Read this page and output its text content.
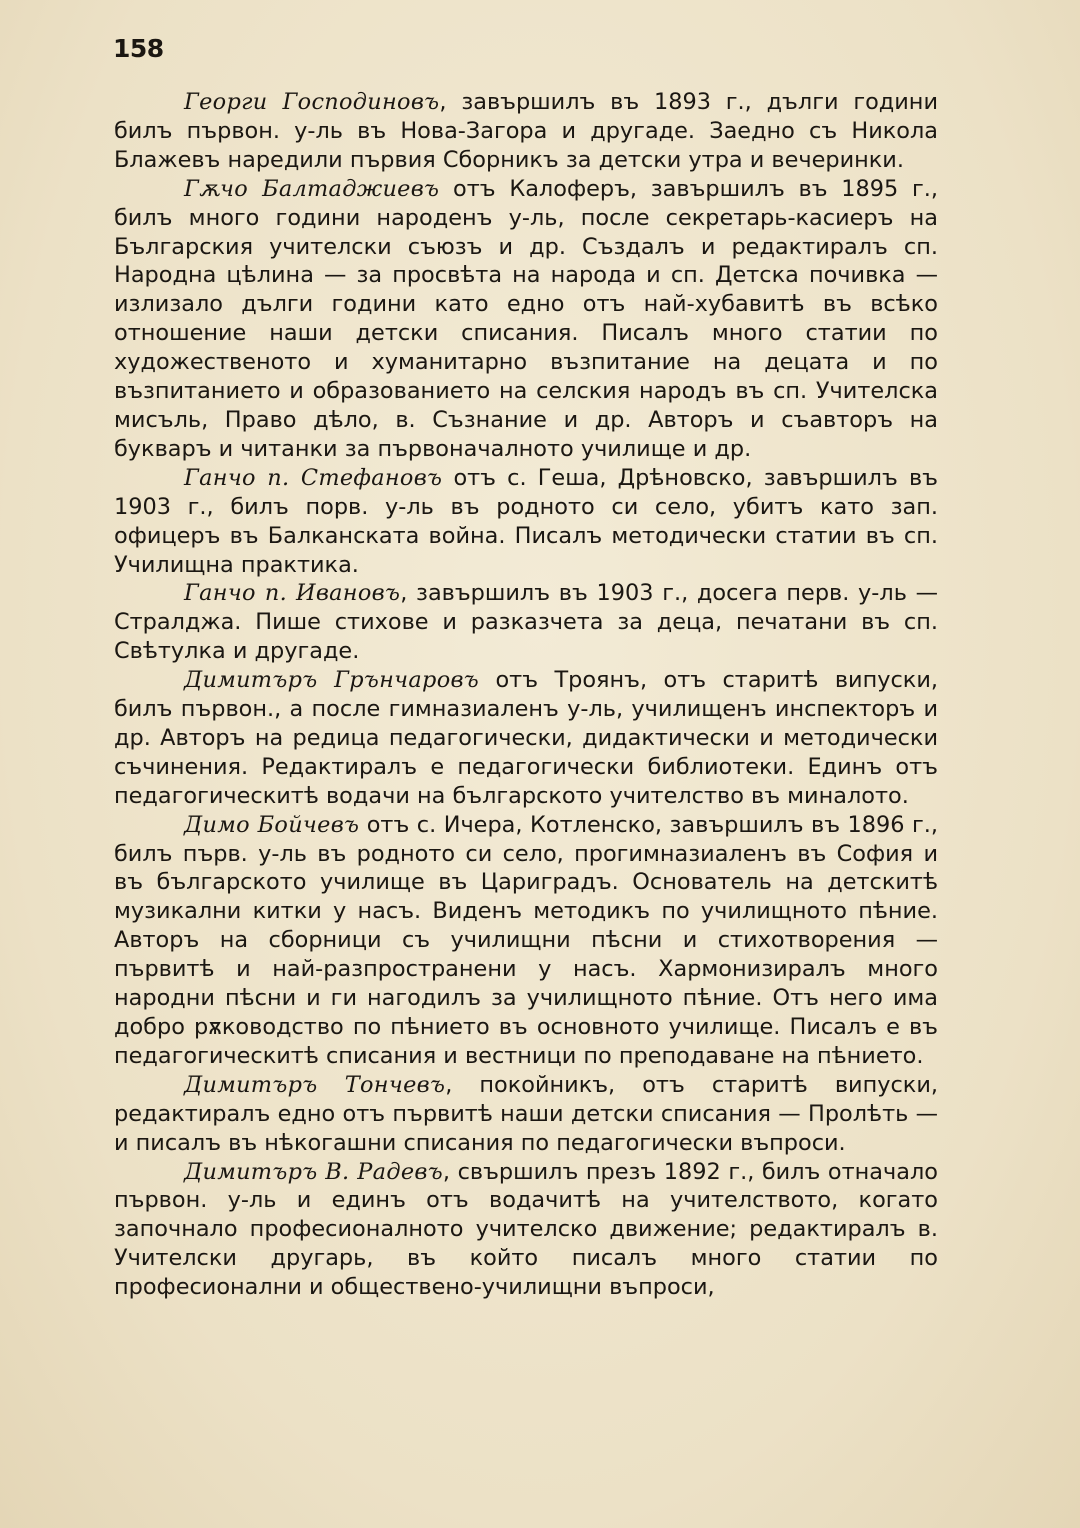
158

Георги Господиновъ, завършилъ въ 1893 г., дълги години билъ първон. у-ль въ Нова-Загора и другаде. Заедно съ Никола Блажевъ наредили първия Сборникъ за детски утра и вечеринки.

Гѫчо Балтаджиевъ отъ Калоферъ, завършилъ въ 1895 г., билъ много години народенъ у-ль, после секретарь-касиеръ на Българския учителски съюзъ и др. Създалъ и редактиралъ сп. Народна цѣлина — за просвѣта на народа и сп. Детска почивка — излизало дълги години като едно отъ най-хубавитѣ въ всѣко отношение наши детски списания. Писалъ много статии по художественото и хуманитарно възпитание на децата и по възпитанието и образованието на селския народъ въ сп. Учителска мисъль, Право дѣло, в. Съзнание и др. Авторъ и съавторъ на букваръ и читанки за първоначалното училище и др.

Ганчо п. Стефановъ отъ с. Геша, Дрѣновско, завършилъ въ 1903 г., билъ порв. у-ль въ родното си село, убитъ като зап. офицеръ въ Балканската война. Писалъ методически статии въ сп. Училищна практика.

Ганчо п. Ивановъ, завършилъ въ 1903 г., досега перв. у-ль — Стралджа. Пише стихове и разказчета за деца, печатани въ сп. Свѣтулка и другаде.

Димитъръ Грънчаровъ отъ Троянъ, отъ старитѣ випуски, билъ първон., а после гимназиаленъ у-ль, училищенъ инспекторъ и др. Авторъ на редица педагогически, дидактически и методически съчинения. Редактиралъ е педагогически библиотеки. Единъ отъ педагогическитѣ водачи на българското учителство въ миналото.

Димо Бойчевъ отъ с. Ичера, Котленско, завършилъ въ 1896 г., билъ първ. у-ль въ родното си село, прогимназиаленъ въ София и въ българското училище въ Цариградъ. Основатель на детскитѣ музикални китки у насъ. Виденъ методикъ по училищното пѣние. Авторъ на сборници съ училищни пѣсни и стихотворения — първитѣ и най-разпространени у насъ. Хармонизиралъ много народни пѣсни и ги нагодилъ за училищното пѣние. Отъ него има добро рѫководство по пѣнието въ основното училище. Писалъ е въ педагогическитѣ списания и вестници по преподаване на пѣнието.

Димитъръ Тончевъ, покойникъ, отъ старитѣ випуски, редактиралъ едно отъ първитѣ наши детски списания — Пролѣть — и писалъ въ нѣкогашни списания по педагогически въпроси.

Димитъръ В. Радевъ, свършилъ презъ 1892 г., билъ отначало първон. у-ль и единъ отъ водачитѣ на учителството, когато започнало професионалното учителско движение; редактиралъ в. Учителски другарь, въ който писалъ много статии по професионални и обществено-училищни въпроси,
